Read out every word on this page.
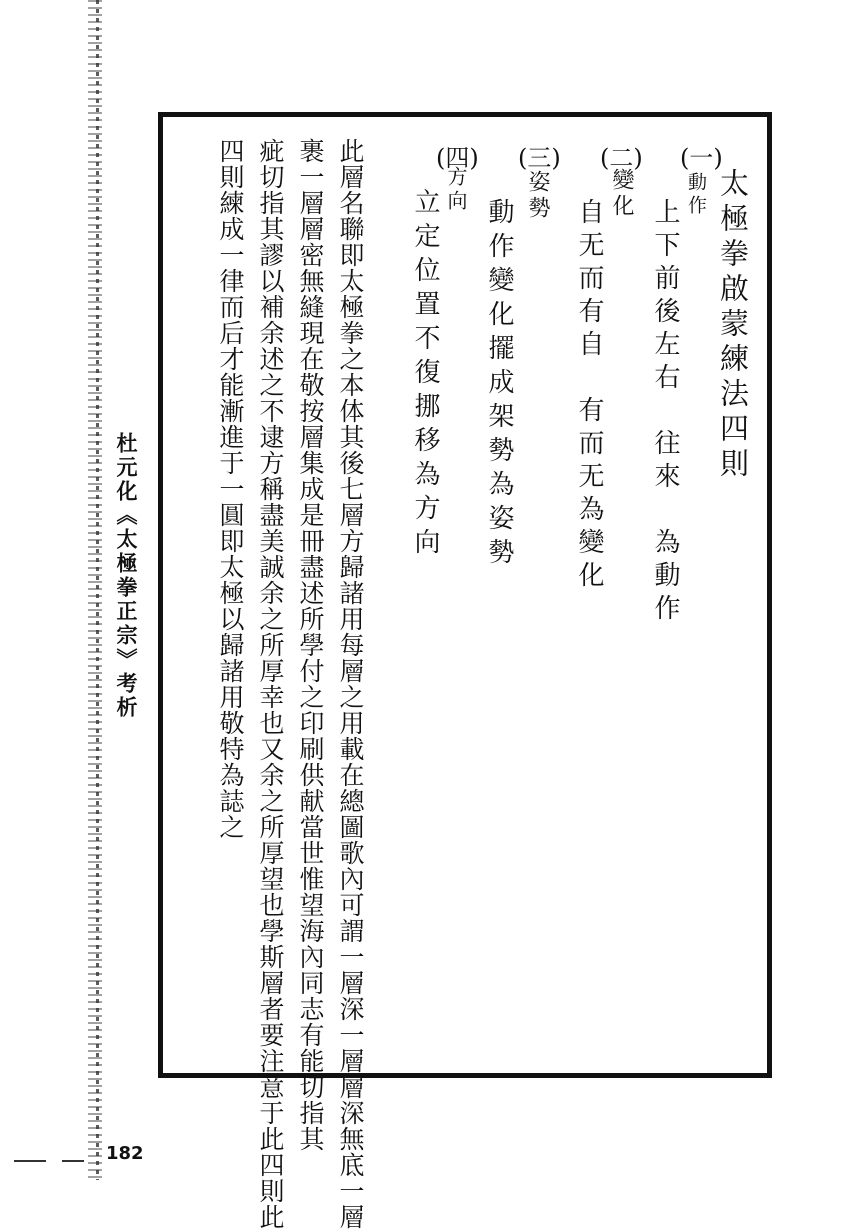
太極拳啟蒙練法四則
(一)
動作
上下前後左右　往來　為動作
(二)
變化
自无而有自　有而无為變化
(三)
姿勢
動作變化擺成架勢為姿勢
(四)
方向
立定位置不復挪移為方向
此層名聯即太極拳之本体其後七層方歸諸用每層之用載在總圖歌內可謂一層深一層層深無底一層
裹一層層密無縫現在敬按層集成是冊盡述所學付之印刷供献當世惟望海內同志有能切指其
疵切指其謬以補余述之不逮方稱盡美誠余之所厚幸也又余之所厚望也學斯層者要注意于此四則此
四則練成一律而后才能漸進于一圓即太極以歸諸用敬特為誌之
杜元化《太極拳正宗》考析
182
